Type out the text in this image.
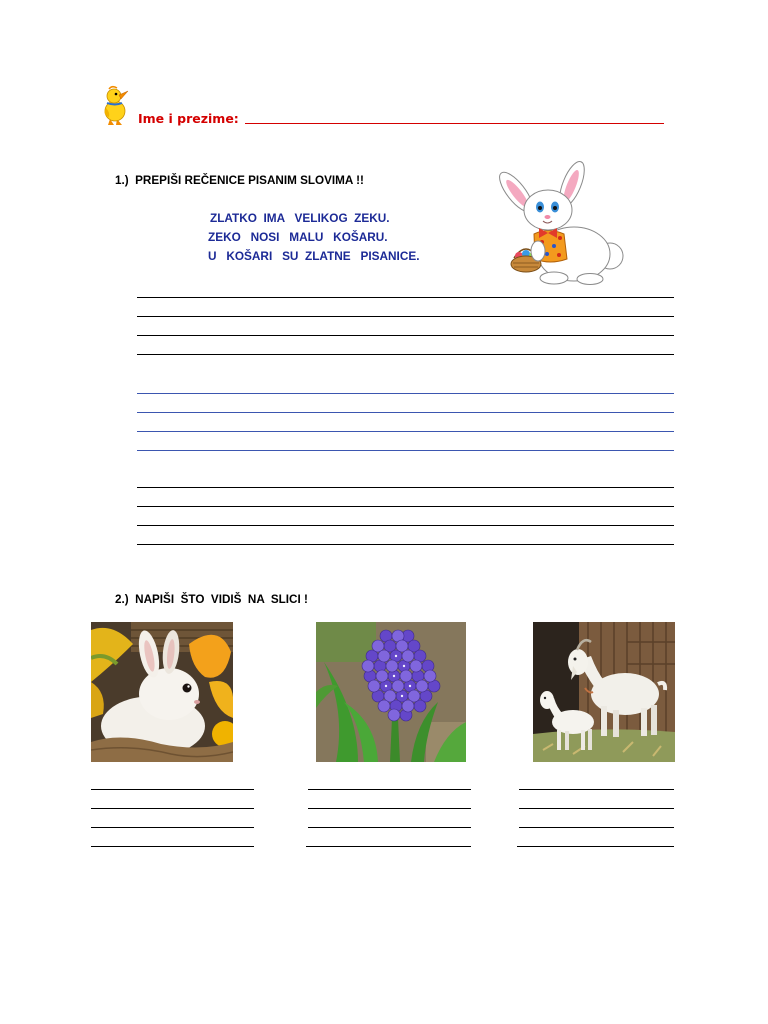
Ime i prezime:
1.)  PREPIŠI REČENICE PISANIM SLOVIMA !!
ZLATKO  IMA   VELIKOG  ZEKU.
ZEKO   NOSI   MALU   KOŠARU.
U   KOŠARI   SU  ZLATNE   PISANICE.
2.)  NAPIŠI  ŠTO  VIDIŠ  NA  SLICI !
